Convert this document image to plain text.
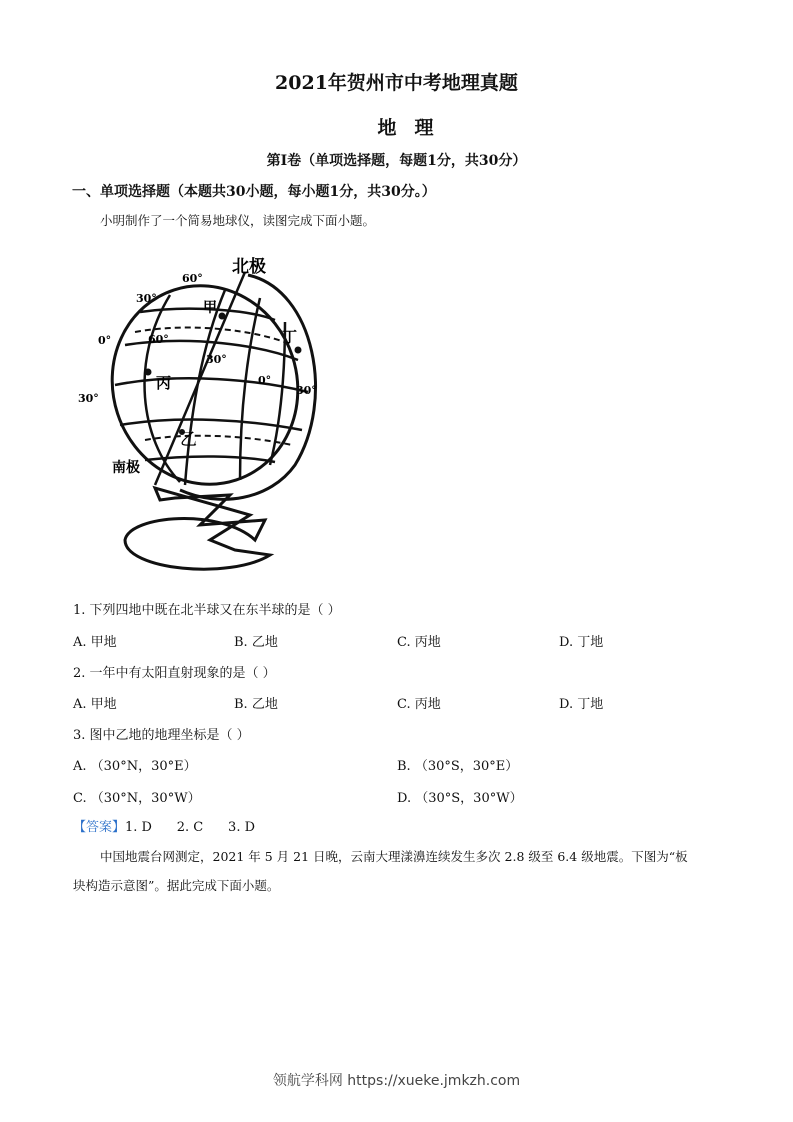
2021年贺州市中考地理真题
地理
第Ⅰ卷（单项选择题，每题1分，共30分）
一、单项选择题（本题共30小题，每小题1分，共30分。）
小明制作了一个简易地球仪，读图完成下面小题。
北极
南极
甲
丁
丙
乙
60°
30°
0°
30°
60°
30°
0°
30°
1. 下列四地中既在北半球又在东半球的是（ ）
A. 甲地	B. 乙地	C. 丙地	D. 丁地
2. 一年中有太阳直射现象的是（ ）
A. 甲地	B. 乙地	C. 丙地	D. 丁地
3. 图中乙地的地理坐标是（ ）
A. （30°N，30°E）	B. （30°S，30°E）
C. （30°N，30°W）	D. （30°S，30°W）
【答案】1. D      2. C      3. D
中国地震台网测定，2021 年 5 月 21 日晚，云南大理漾濞连续发生多次 2.8 级至 6.4 级地震。下图为“板
块构造示意图”。据此完成下面小题。
领航学科网 https://xueke.jmkzh.com
